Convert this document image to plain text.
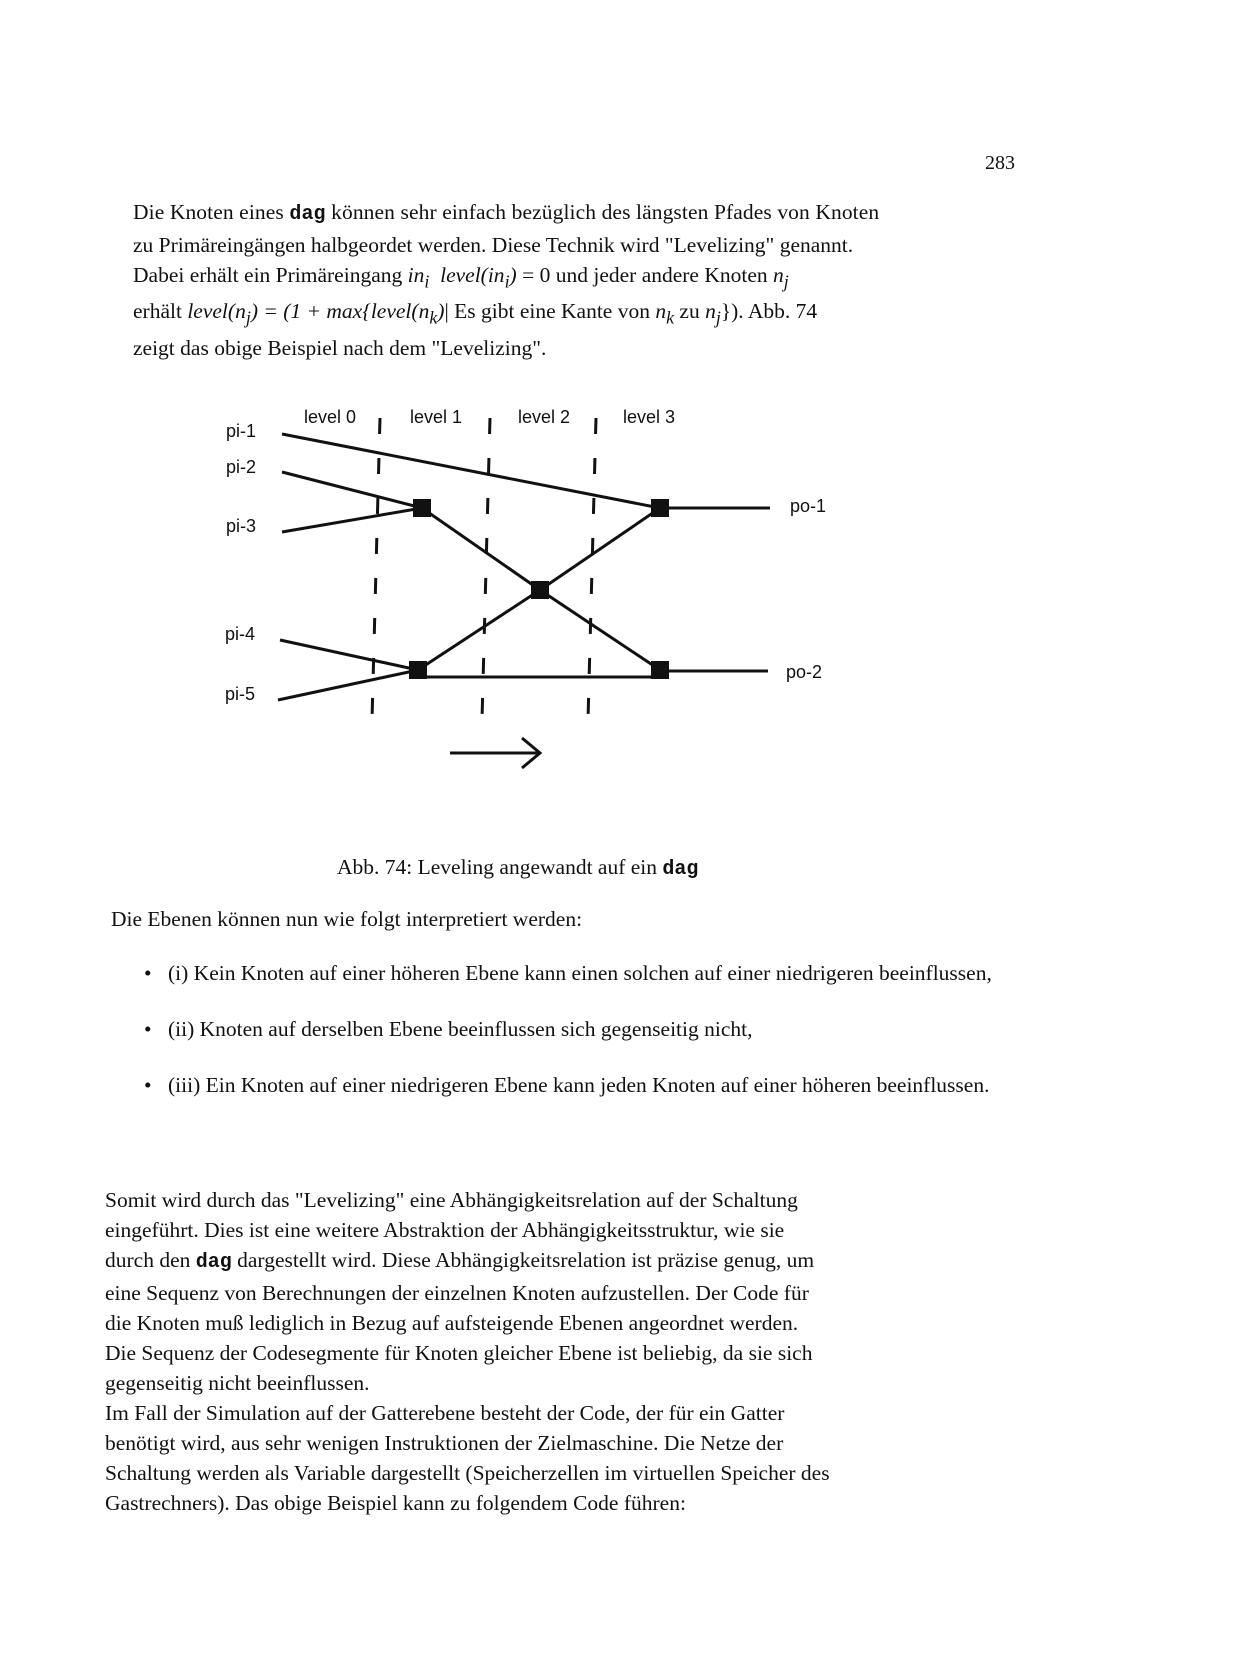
283
Die Knoten eines dag können sehr einfach bezüglich des längsten Pfades von Knoten
zu Primäreingängen halbgeordet werden. Diese Technik wird "Levelizing" genannt.
Dabei erhält ein Primäreingang $in_i$ $level(in_i) = 0$ und jeder andere Knoten $n_j$
erhält $level(n_j) = (1$ + $\max\{level(n_k)|$ Es gibt eine Kante von $n_k$ zu $n_j$}). Abb. 74
zeigt das obige Beispiel nach dem "Levelizing".
level 0	level 1	level 2	level 3
pi-1
pi-2
pi-3
pi-4
pi-5
po-1
po-2
Abb. 74: Leveling angewandt auf ein dag
Die Ebenen können nun wie folgt interpretiert werden:
• (i) Kein Knoten auf einer höheren Ebene kann einen solchen auf einer niedrigeren beeinflussen,
• (ii) Knoten auf derselben Ebene beeinflussen sich gegenseitig nicht,
• (iii) Ein Knoten auf einer niedrigeren Ebene kann jeden Knoten auf einer höheren beeinflussen.
Somit wird durch das "Levelizing" eine Abhängigkeitsrelation auf der Schaltung
eingeführt. Dies ist eine weitere Abstraktion der Abhängigkeitsstruktur, wie sie
durch den dag dargestellt wird. Diese Abhängigkeitsrelation ist präzise genug, um
eine Sequenz von Berechnungen der einzelnen Knoten aufzustellen. Der Code für
die Knoten muß lediglich in Bezug auf aufsteigende Ebenen angeordnet werden.
Die Sequenz der Codesegmente für Knoten gleicher Ebene ist beliebig, da sie sich
gegenseitig nicht beeinflussen.
Im Fall der Simulation auf der Gatterebene besteht der Code, der für ein Gatter
benötigt wird, aus sehr wenigen Instruktionen der Zielmaschine. Die Netze der
Schaltung werden als Variable dargestellt (Speicherzellen im virtuellen Speicher des
Gastrechners). Das obige Beispiel kann zu folgendem Code führen:
